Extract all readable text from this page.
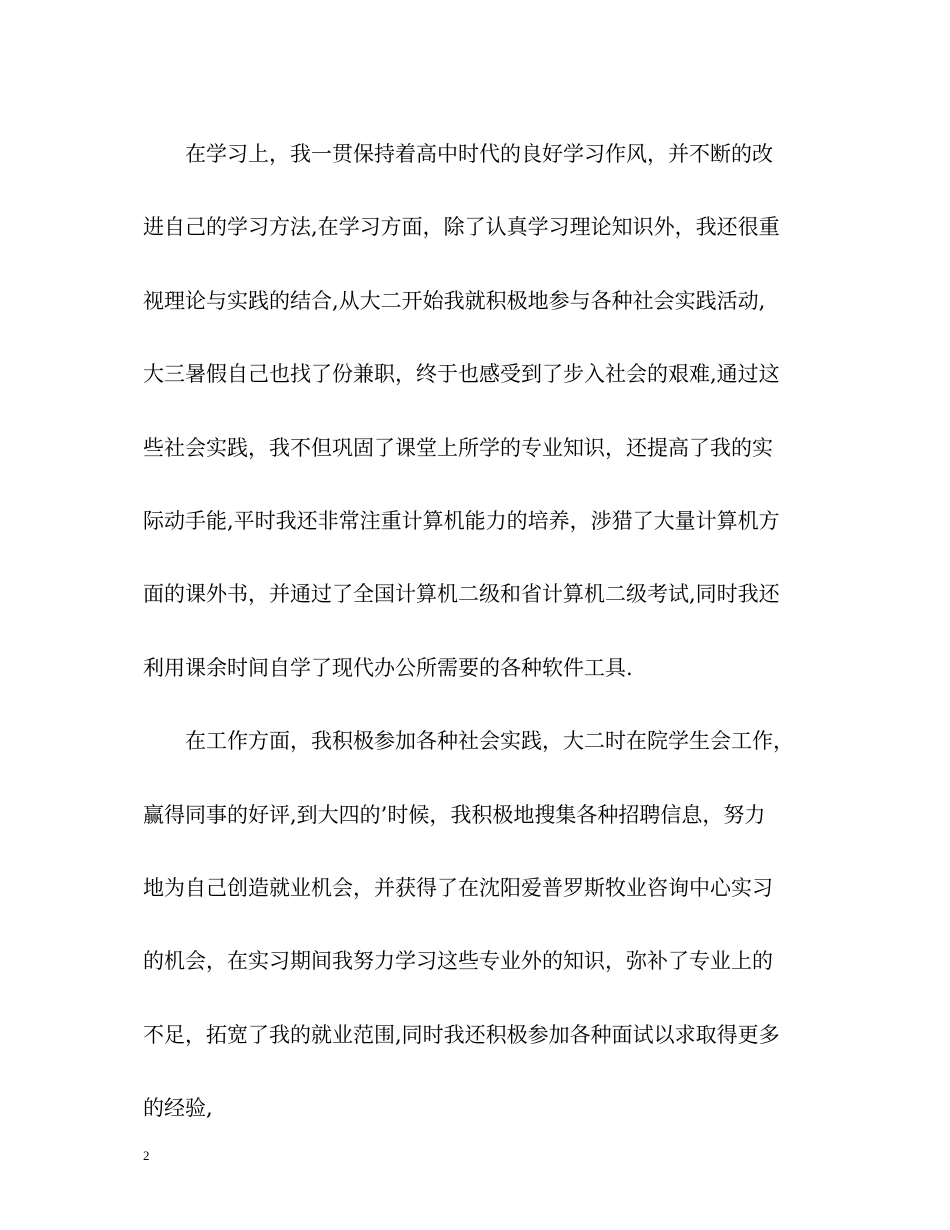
在学习上，我一贯保持着高中时代的良好学习作风，并不断的改
进自己的学习方法,在学习方面，除了认真学习理论知识外，我还很重
视理论与实践的结合,从大二开始我就积极地参与各种社会实践活动,
大三暑假自己也找了份兼职，终于也感受到了步入社会的艰难,通过这
些社会实践，我不但巩固了课堂上所学的专业知识，还提高了我的实
际动手能,平时我还非常注重计算机能力的培养，涉猎了大量计算机方
面的课外书，并通过了全国计算机二级和省计算机二级考试,同时我还
利用课余时间自学了现代办公所需要的各种软件工具.
在工作方面，我积极参加各种社会实践，大二时在院学生会工作，
赢得同事的好评,到大四的’时候，我积极地搜集各种招聘信息，努力
地为自己创造就业机会，并获得了在沈阳爱普罗斯牧业咨询中心实习
的机会，在实习期间我努力学习这些专业外的知识，弥补了专业上的
不足，拓宽了我的就业范围,同时我还积极参加各种面试以求取得更多
的经验,
2
